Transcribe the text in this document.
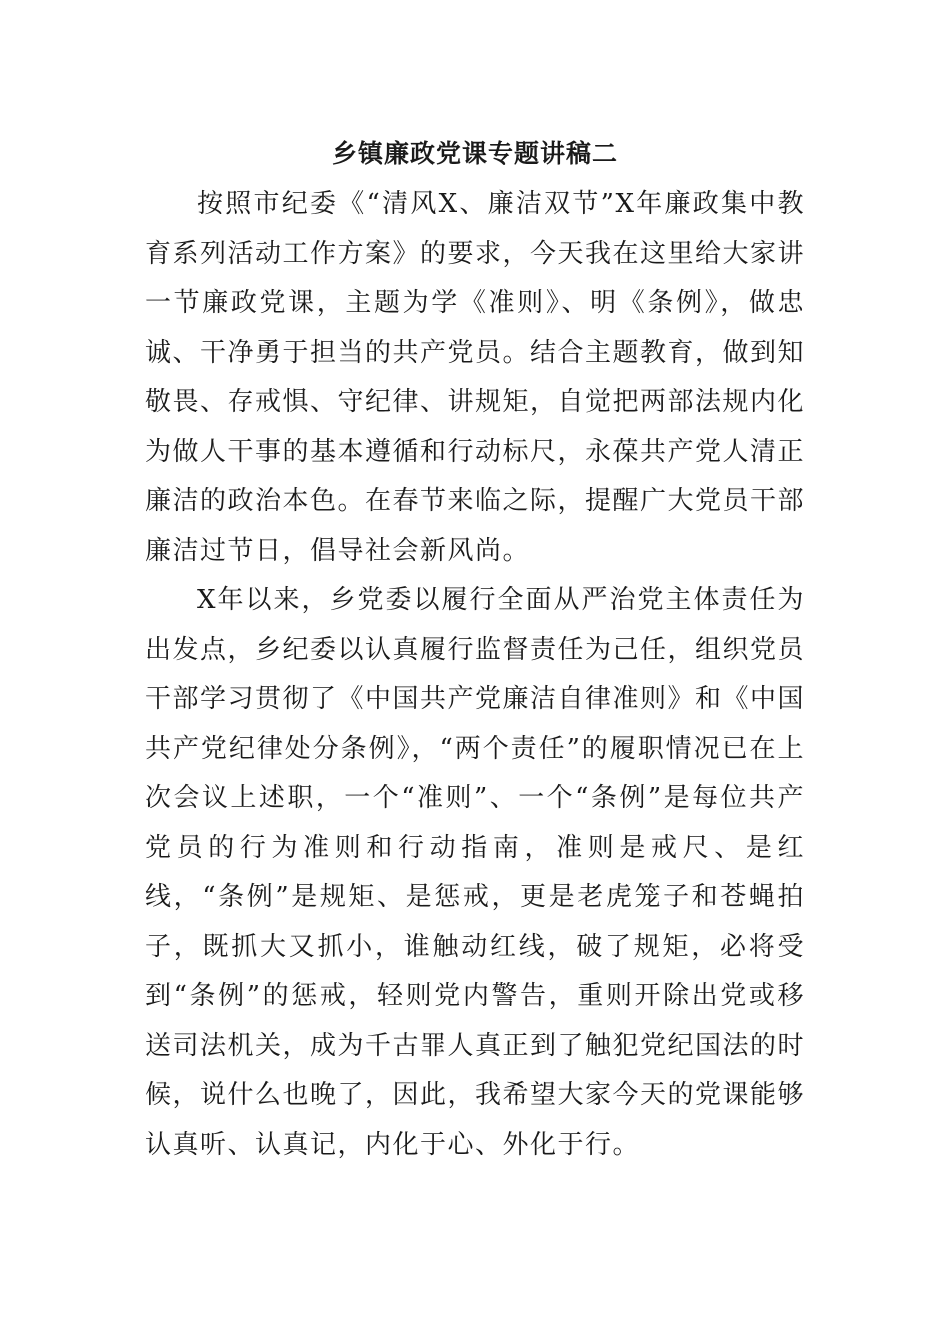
乡镇廉政党课专题讲稿二

按照市纪委《“清风X、廉洁双节”X年廉政集中教育系列活动工作方案》的要求，今天我在这里给大家讲一节廉政党课，主题为学《准则》、明《条例》，做忠诚、干净勇于担当的共产党员。结合主题教育，做到知敬畏、存戒惧、守纪律、讲规矩，自觉把两部法规内化为做人干事的基本遵循和行动标尺，永葆共产党人清正廉洁的政治本色。在春节来临之际，提醒广大党员干部廉洁过节日，倡导社会新风尚。

X年以来，乡党委以履行全面从严治党主体责任为出发点，乡纪委以认真履行监督责任为己任，组织党员干部学习贯彻了《中国共产党廉洁自律准则》和《中国共产党纪律处分条例》，“两个责任”的履职情况已在上次会议上述职，一个“准则”、一个“条例”是每位共产党员的行为准则和行动指南，准则是戒尺、是红线，“条例”是规矩、是惩戒，更是老虎笼子和苍蝇拍子，既抓大又抓小，谁触动红线，破了规矩，必将受到“条例”的惩戒，轻则党内警告，重则开除出党或移送司法机关，成为千古罪人真正到了触犯党纪国法的时候，说什么也晚了，因此，我希望大家今天的党课能够认真听、认真记，内化于心、外化于行。
